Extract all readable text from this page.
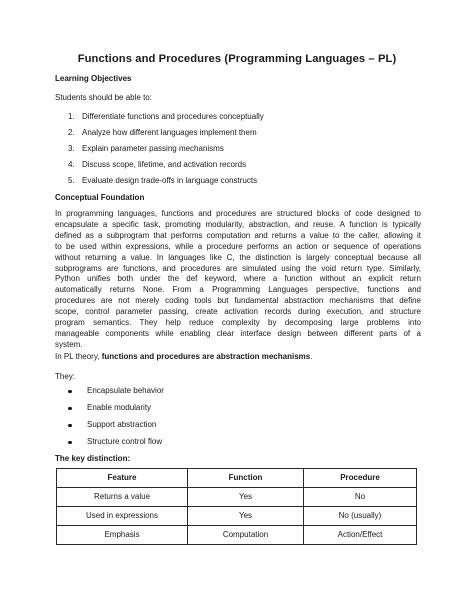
Functions and Procedures (Programming Languages – PL)
Learning Objectives
Students should be able to:
1. Differentiate functions and procedures conceptually
2. Analyze how different languages implement them
3. Explain parameter passing mechanisms
4. Discuss scope, lifetime, and activation records
5. Evaluate design trade-offs in language constructs
Conceptual Foundation
In programming languages, functions and procedures are structured blocks of code designed to
encapsulate a specific task, promoting modularity, abstraction, and reuse. A function is typically
defined as a subprogram that performs computation and returns a value to the caller, allowing it
to be used within expressions, while a procedure performs an action or sequence of operations
without returning a value. In languages like C, the distinction is largely conceptual because all
subprograms are functions, and procedures are simulated using the void return type. Similarly,
Python unifies both under the def keyword, where a function without an explicit return
automatically returns None. From a Programming Languages perspective, functions and
procedures are not merely coding tools but fundamental abstraction mechanisms that define
scope, control parameter passing, create activation records during execution, and structure
program semantics. They help reduce complexity by decomposing large problems into
manageable components while enabling clear interface design between different parts of a
system.
In PL theory, functions and procedures are abstraction mechanisms.
They:
Encapsulate behavior
Enable modularity
Support abstraction
Structure control flow
The key distinction:
Feature	Function	Procedure
Returns a value	Yes	No
Used in expressions	Yes	No (usually)
Emphasis	Computation	Action/Effect
